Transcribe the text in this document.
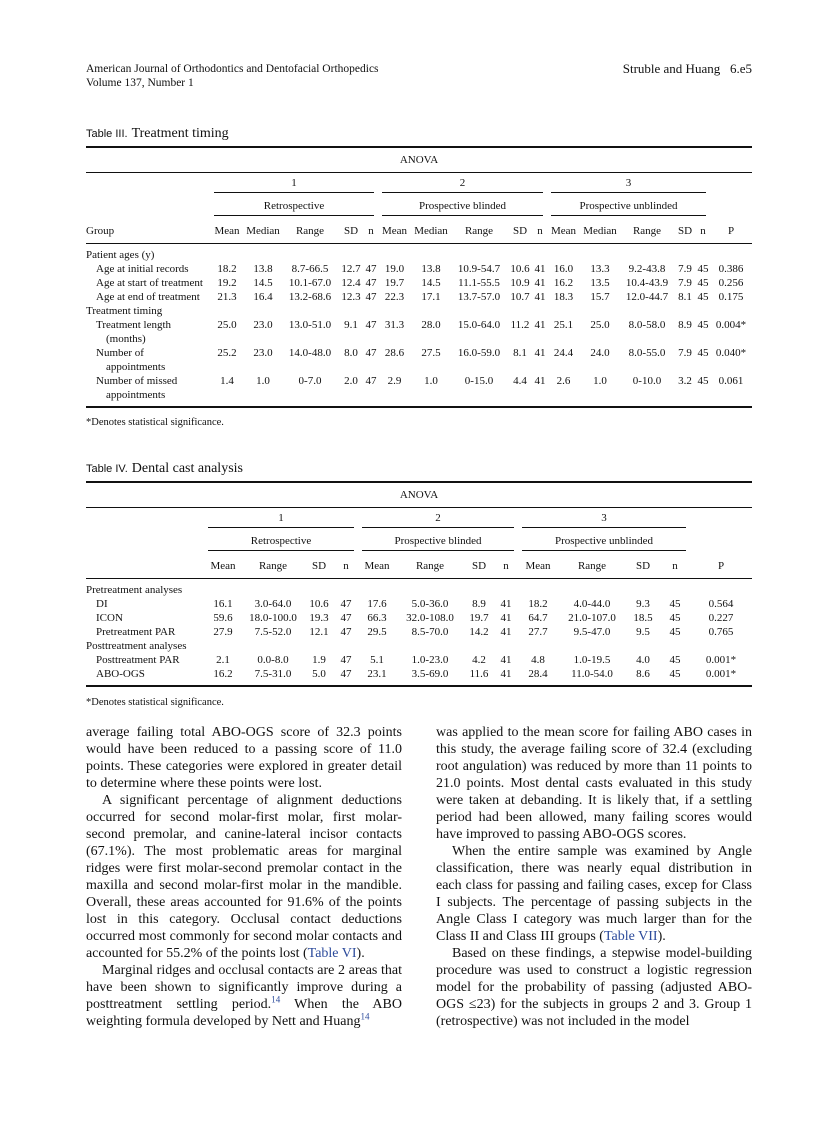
American Journal of Orthodontics and Dentofacial Orthopedics
Volume 137, Number 1
Struble and Huang 6.e5
Table III. Treatment timing
ANOVA																

	1					2					3					

	Retrospective					Prospective blinded					Prospective unblinded					

Group	Mean	Median	Range	SD	n	Mean	Median	Range	SD	n	Mean	Median	Range	SD	n	P
Patient ages (y)																
Age at initial records	18.2	13.8	8.7-66.5	12.7	47	19.0	13.8	10.9-54.7	10.6	41	16.0	13.3	9.2-43.8	7.9	45	0.386
Age at start of treatment	19.2	14.5	10.1-67.0	12.4	47	19.7	14.5	11.1-55.5	10.9	41	16.2	13.5	10.4-43.9	7.9	45	0.256
Age at end of treatment	21.3	16.4	13.2-68.6	12.3	47	22.3	17.1	13.7-57.0	10.7	41	18.3	15.7	12.0-44.7	8.1	45	0.175
Treatment timing																
Treatment length
(months)	25.0	23.0	13.0-51.0	9.1	47	31.3	28.0	15.0-64.0	11.2	41	25.1	25.0	8.0-58.0	8.9	45	0.004*
Number of
appointments	25.2	23.0	14.0-48.0	8.0	47	28.6	27.5	16.0-59.0	8.1	41	24.4	24.0	8.0-55.0	7.9	45	0.040*
Number of missed
appointments	1.4	1.0	0-7.0	2.0	47	2.9	1.0	0-15.0	4.4	41	2.6	1.0	0-10.0	3.2	45	0.061
*Denotes statistical significance.
Table IV. Dental cast analysis
ANOVA													

	1				2				3				

	Retrospective				Prospective blinded				Prospective unblinded				

	Mean	Range	SD	n	Mean	Range	SD	n	Mean	Range	SD	n	P
Pretreatment analyses													
DI	16.1	3.0-64.0	10.6	47	17.6	5.0-36.0	8.9	41	18.2	4.0-44.0	9.3	45	0.564
ICON	59.6	18.0-100.0	19.3	47	66.3	32.0-108.0	19.7	41	64.7	21.0-107.0	18.5	45	0.227
Pretreatment PAR	27.9	7.5-52.0	12.1	47	29.5	8.5-70.0	14.2	41	27.7	9.5-47.0	9.5	45	0.765
Posttreatment analyses													
Posttreatment PAR	2.1	0.0-8.0	1.9	47	5.1	1.0-23.0	4.2	41	4.8	1.0-19.5	4.0	45	0.001*
ABO-OGS	16.2	7.5-31.0	5.0	47	23.1	3.5-69.0	11.6	41	28.4	11.0-54.0	8.6	45	0.001*
*Denotes statistical significance.

average failing total ABO-OGS score of 32.3 points would have been reduced to a passing score of 11.0 points. These categories were explored in greater detail to determine where these points were lost.

A significant percentage of alignment deductions occurred for second molar-first molar, first molar-second premolar, and canine-lateral incisor contacts (67.1%). The most problematic areas for marginal ridges were first molar-second premolar contact in the maxilla and second molar-first molar in the mandible. Overall, these areas accounted for 91.6% of the points lost in this category. Occlusal contact deductions occurred most commonly for second molar contacts and accounted for 55.2% of the points lost (Table VI).

Marginal ridges and occlusal contacts are 2 areas that have been shown to significantly improve during a posttreatment settling period.$^{14}$ When the ABO weighting formula developed by Nett and Huang$^{14}$

was applied to the mean score for failing ABO cases in this study, the average failing score of 32.4 (excluding root angulation) was reduced by more than 11 points to 21.0 points. Most dental casts evaluated in this study were taken at debanding. It is likely that, if a settling period had been allowed, many failing scores would have improved to passing ABO-OGS scores.

When the entire sample was examined by Angle classification, there was nearly equal distribution in each class for passing and failing cases, excep for Class I subjects. The percentage of passing subjects in the Angle Class I category was much larger than for the Class II and Class III groups (Table VII).

Based on these findings, a stepwise model-building procedure was used to construct a logistic regression model for the probability of passing (adjusted ABO-OGS ≤23) for the subjects in groups 2 and 3. Group 1 (retrospective) was not included in the model
